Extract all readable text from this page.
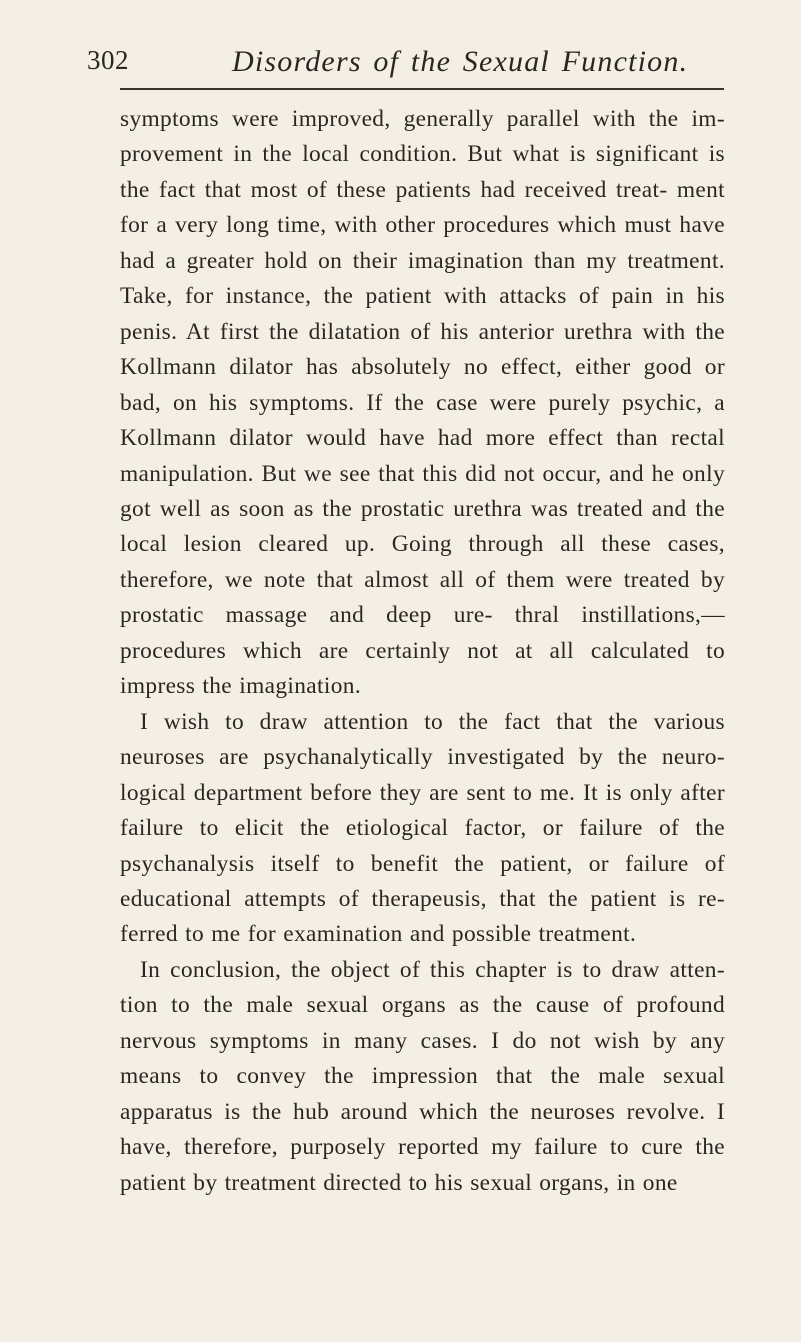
302	Disorders of the Sexual Function.

symptoms were improved, generally parallel with the im- provement in the local condition. But what is significant is the fact that most of these patients had received treat- ment for a very long time, with other procedures which must have had a greater hold on their imagination than my treatment. Take, for instance, the patient with attacks of pain in his penis. At first the dilatation of his anterior urethra with the Kollmann dilator has absolutely no effect, either good or bad, on his symptoms. If the case were purely psychic, a Kollmann dilator would have had more effect than rectal manipulation. But we see that this did not occur, and he only got well as soon as the prostatic urethra was treated and the local lesion cleared up. Going through all these cases, therefore, we note that almost all of them were treated by prostatic massage and deep ure- thral instillations,—procedures which are certainly not at all calculated to impress the imagination.

I wish to draw attention to the fact that the various neuroses are psychanalytically investigated by the neuro- logical department before they are sent to me. It is only after failure to elicit the etiological factor, or failure of the psychanalysis itself to benefit the patient, or failure of educational attempts of therapeusis, that the patient is re- ferred to me for examination and possible treatment.

In conclusion, the object of this chapter is to draw atten- tion to the male sexual organs as the cause of profound nervous symptoms in many cases. I do not wish by any means to convey the impression that the male sexual apparatus is the hub around which the neuroses revolve. I have, therefore, purposely reported my failure to cure the patient by treatment directed to his sexual organs, in one
